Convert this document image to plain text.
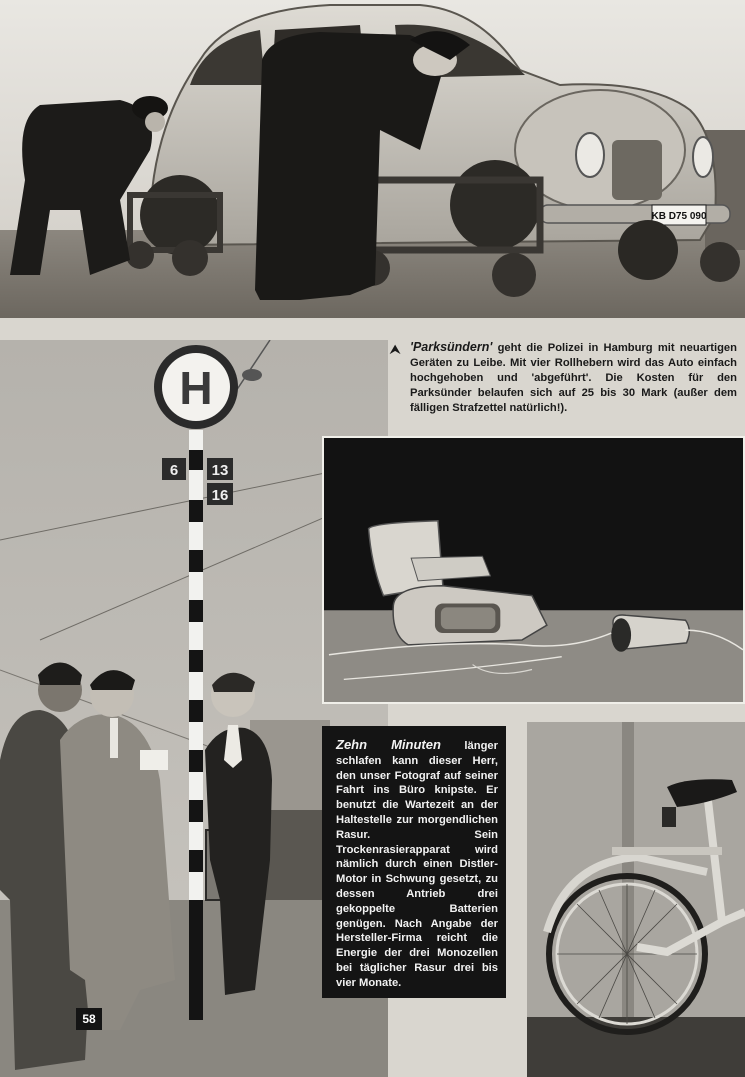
KB D75 090
⮝ 'Parksündern' geht die Polizei in Hamburg mit neuartigen Geräten zu Leibe. Mit vier Rollhebern wird das Auto einfach hochgehoben und 'abgeführt'. Die Kosten für den Parksünder belaufen sich auf 25 bis 30 Mark (außer dem fälligen Strafzettel natürlich!).
H
6 13
16
Zehn Minuten länger schlafen kann dieser Herr, den unser Fotograf auf seiner Fahrt ins Büro knipste. Er benutzt die Wartezeit an der Haltestelle zur morgendlichen Rasur. Sein Trockenrasierapparat wird nämlich durch einen Distler-Motor in Schwung gesetzt, zu dessen Antrieb drei gekoppelte Batterien genügen. Nach Angabe der Hersteller-Firma reicht die Energie der drei Monozellen bei täglicher Rasur drei bis vier Monate.
58
